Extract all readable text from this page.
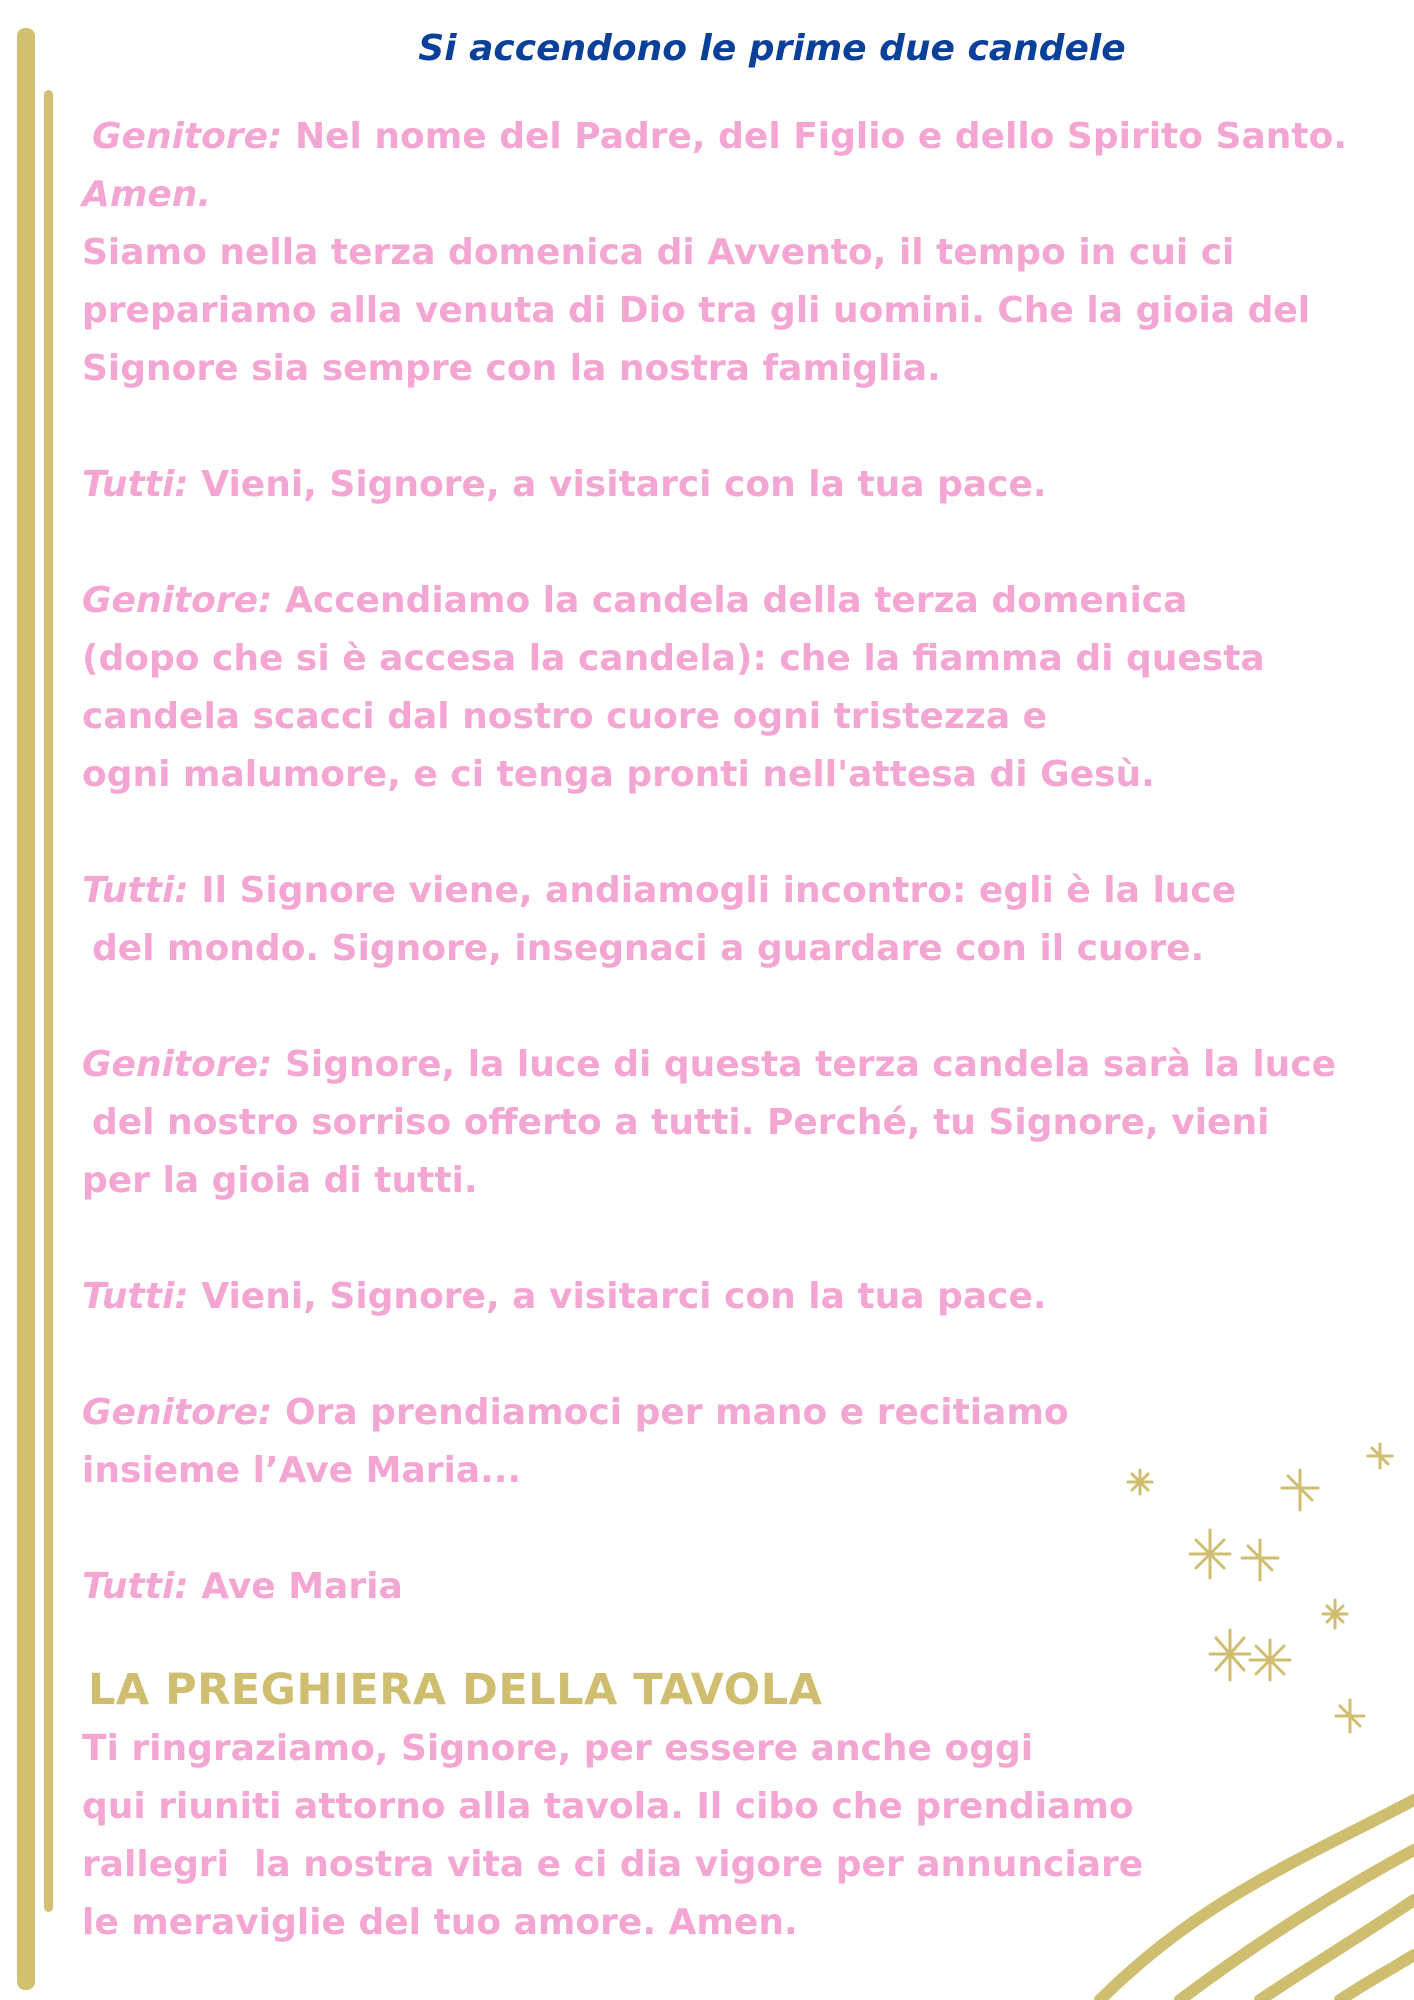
Si accendono le prime due candele
Genitore: Nel nome del Padre, del Figlio e dello Spirito Santo.
Amen.
Siamo nella terza domenica di Avvento, il tempo in cui ci
prepariamo alla venuta di Dio tra gli uomini. Che la gioia del
Signore sia sempre con la nostra famiglia.
Tutti: Vieni, Signore, a visitarci con la tua pace.
Genitore: Accendiamo la candela della terza domenica
(dopo che si è accesa la candela): che la fiamma di questa
candela scacci dal nostro cuore ogni tristezza e
ogni malumore, e ci tenga pronti nell'attesa di Gesù.
Tutti: Il Signore viene, andiamogli incontro: egli è la luce
del mondo. Signore, insegnaci a guardare con il cuore.
Genitore: Signore, la luce di questa terza candela sarà la luce
del nostro sorriso offerto a tutti. Perché, tu Signore, vieni
per la gioia di tutti.
Tutti: Vieni, Signore, a visitarci con la tua pace.
Genitore: Ora prendiamoci per mano e recitiamo
insieme l’Ave Maria...
Tutti: Ave Maria
LA PREGHIERA DELLA TAVOLA
Ti ringraziamo, Signore, per essere anche oggi
qui riuniti attorno alla tavola. Il cibo che prendiamo
rallegri  la nostra vita e ci dia vigore per annunciare
le meraviglie del tuo amore. Amen.
